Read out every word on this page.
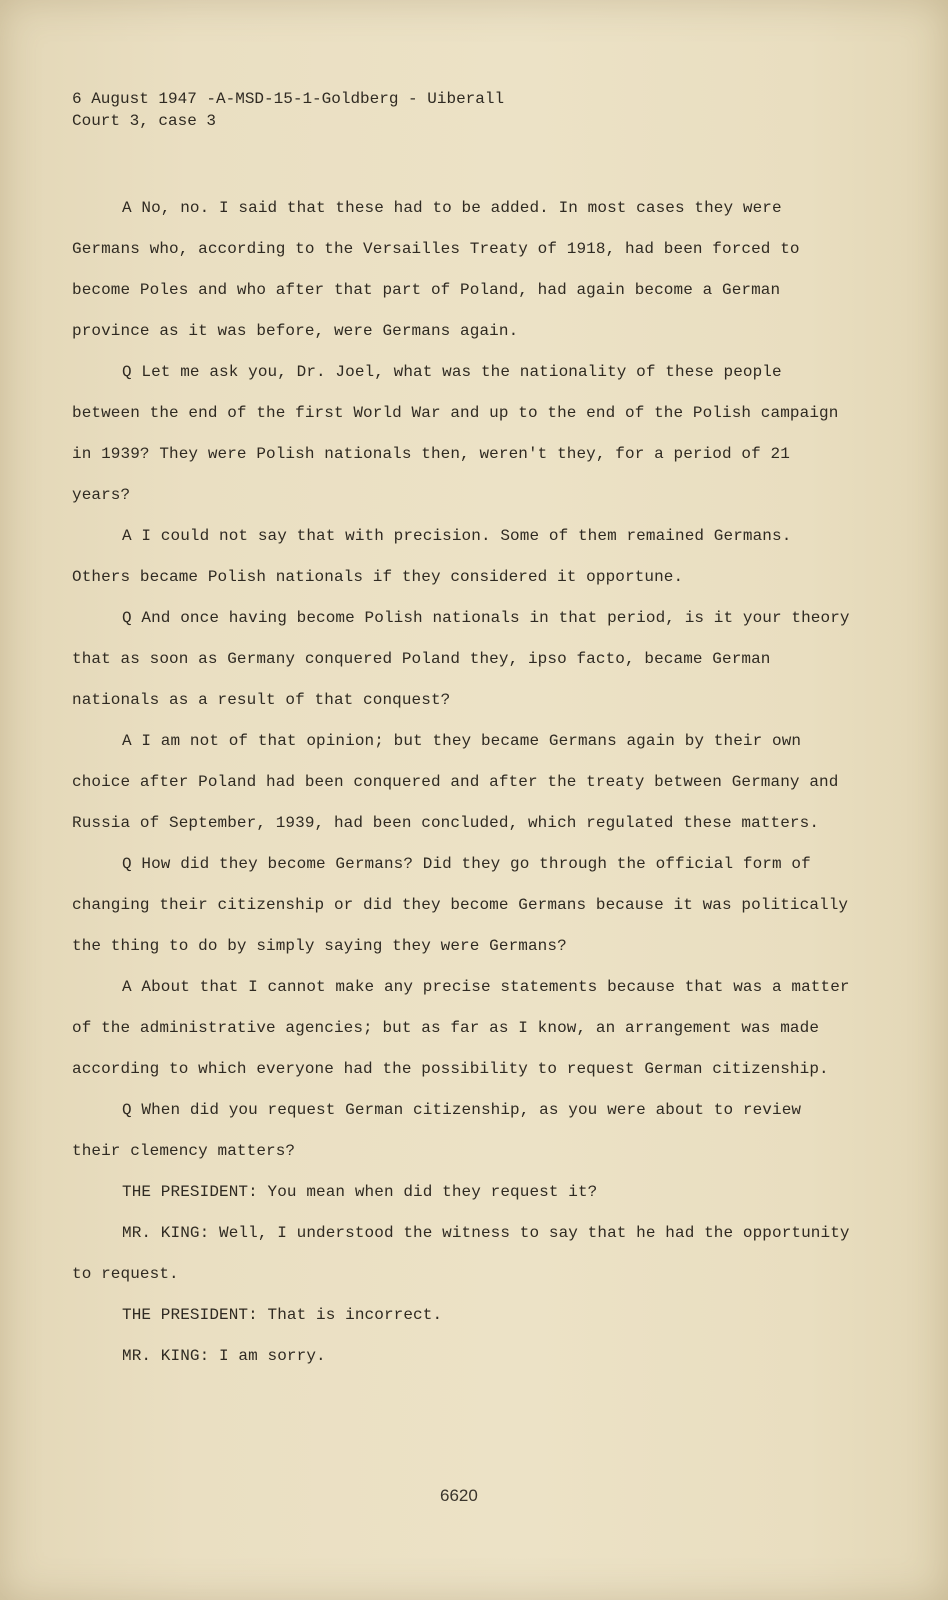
6 August 1947 -A-MSD-15-1-Goldberg - Uiberall
Court 3, case 3

A No, no. I said that these had to be added. In most cases they were Germans who, according to the Versailles Treaty of 1918, had been forced to become Poles and who after that part of Poland, had again become a German province as it was before, were Germans again.

Q Let me ask you, Dr. Joel, what was the nationality of these people between the end of the first World War and up to the end of the Polish campaign in 1939? They were Polish nationals then, weren't they, for a period of 21 years?

A I could not say that with precision. Some of them remained Germans. Others became Polish nationals if they considered it opportune.

Q And once having become Polish nationals in that period, is it your theory that as soon as Germany conquered Poland they, ipso facto, became German nationals as a result of that conquest?

A I am not of that opinion; but they became Germans again by their own choice after Poland had been conquered and after the treaty between Germany and Russia of September, 1939, had been concluded, which regulated these matters.

Q How did they become Germans? Did they go through the official form of changing their citizenship or did they become Germans because it was politically the thing to do by simply saying they were Germans?

A About that I cannot make any precise statements because that was a matter of the administrative agencies; but as far as I know, an arrangement was made according to which everyone had the possibility to request German citizenship.

Q When did you request German citizenship, as you were about to review their clemency matters?

THE PRESIDENT: You mean when did they request it?

MR. KING: Well, I understood the witness to say that he had the opportunity to request.

THE PRESIDENT: That is incorrect.

MR. KING: I am sorry.

6620
